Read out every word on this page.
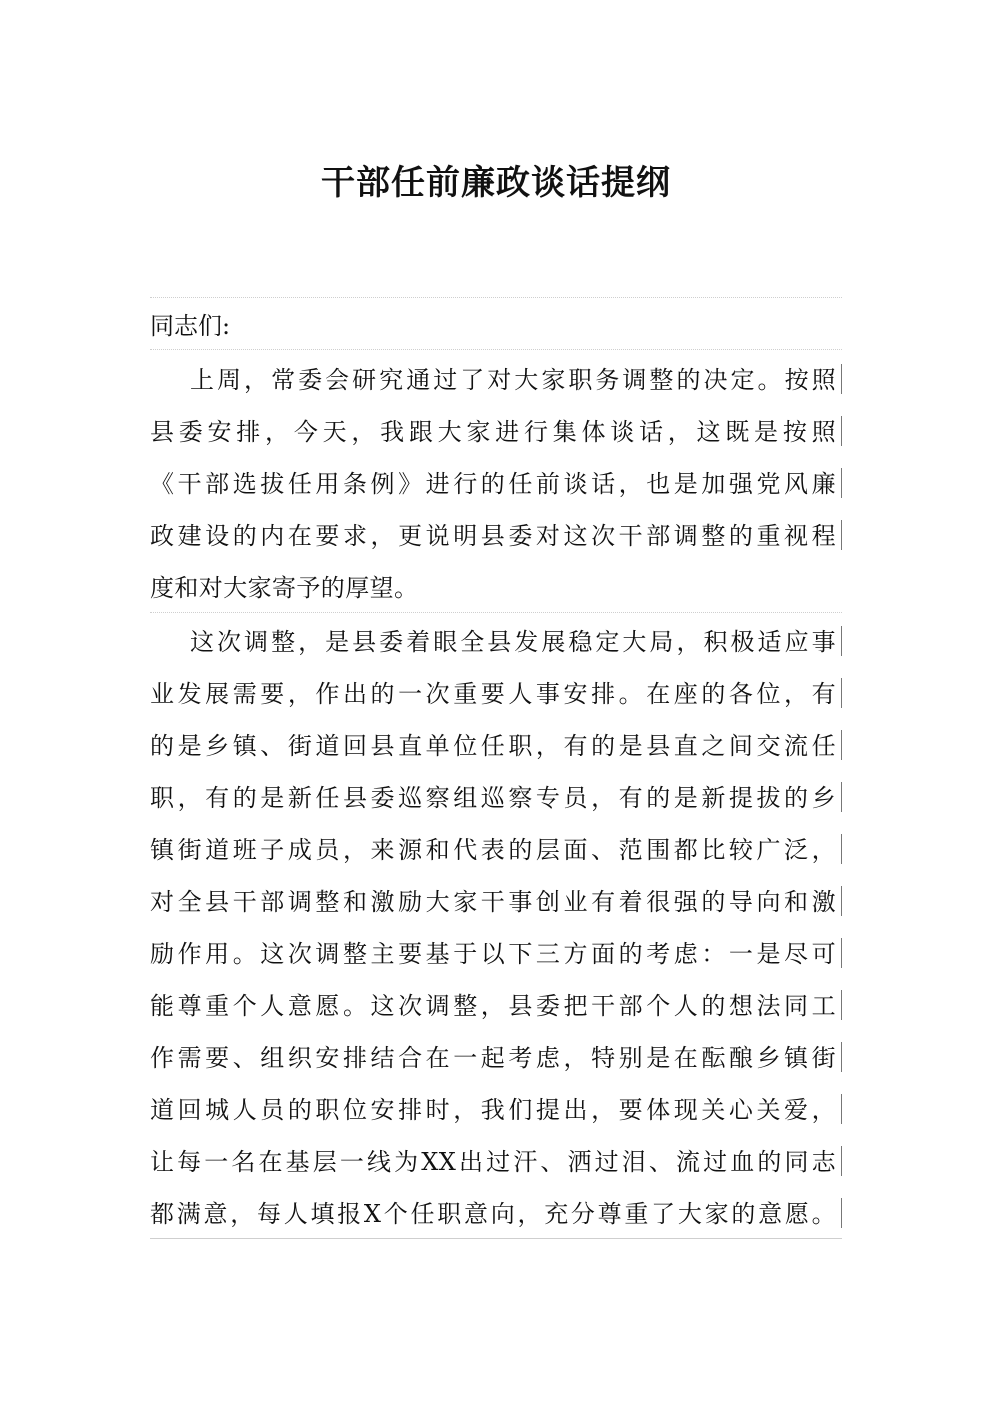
干部任前廉政谈话提纲

同志们:

上周，常委会研究通过了对大家职务调整的决定。按照
县委安排，今天，我跟大家进行集体谈话，这既是按照
《干部选拔任用条例》进行的任前谈话，也是加强党风廉
政建设的内在要求，更说明县委对这次干部调整的重视程
度和对大家寄予的厚望。
这次调整，是县委着眼全县发展稳定大局，积极适应事
业发展需要，作出的一次重要人事安排。在座的各位，有
的是乡镇、街道回县直单位任职，有的是县直之间交流任
职，有的是新任县委巡察组巡察专员，有的是新提拔的乡
镇街道班子成员，来源和代表的层面、范围都比较广泛，
对全县干部调整和激励大家干事创业有着很强的导向和激
励作用。这次调整主要基于以下三方面的考虑：一是尽可
能尊重个人意愿。这次调整，县委把干部个人的想法同工
作需要、组织安排结合在一起考虑，特别是在酝酿乡镇街
道回城人员的职位安排时，我们提出，要体现关心关爱，
让每一名在基层一线为XX出过汗、洒过泪、流过血的同志
都满意，每人填报X个任职意向，充分尊重了大家的意愿。
